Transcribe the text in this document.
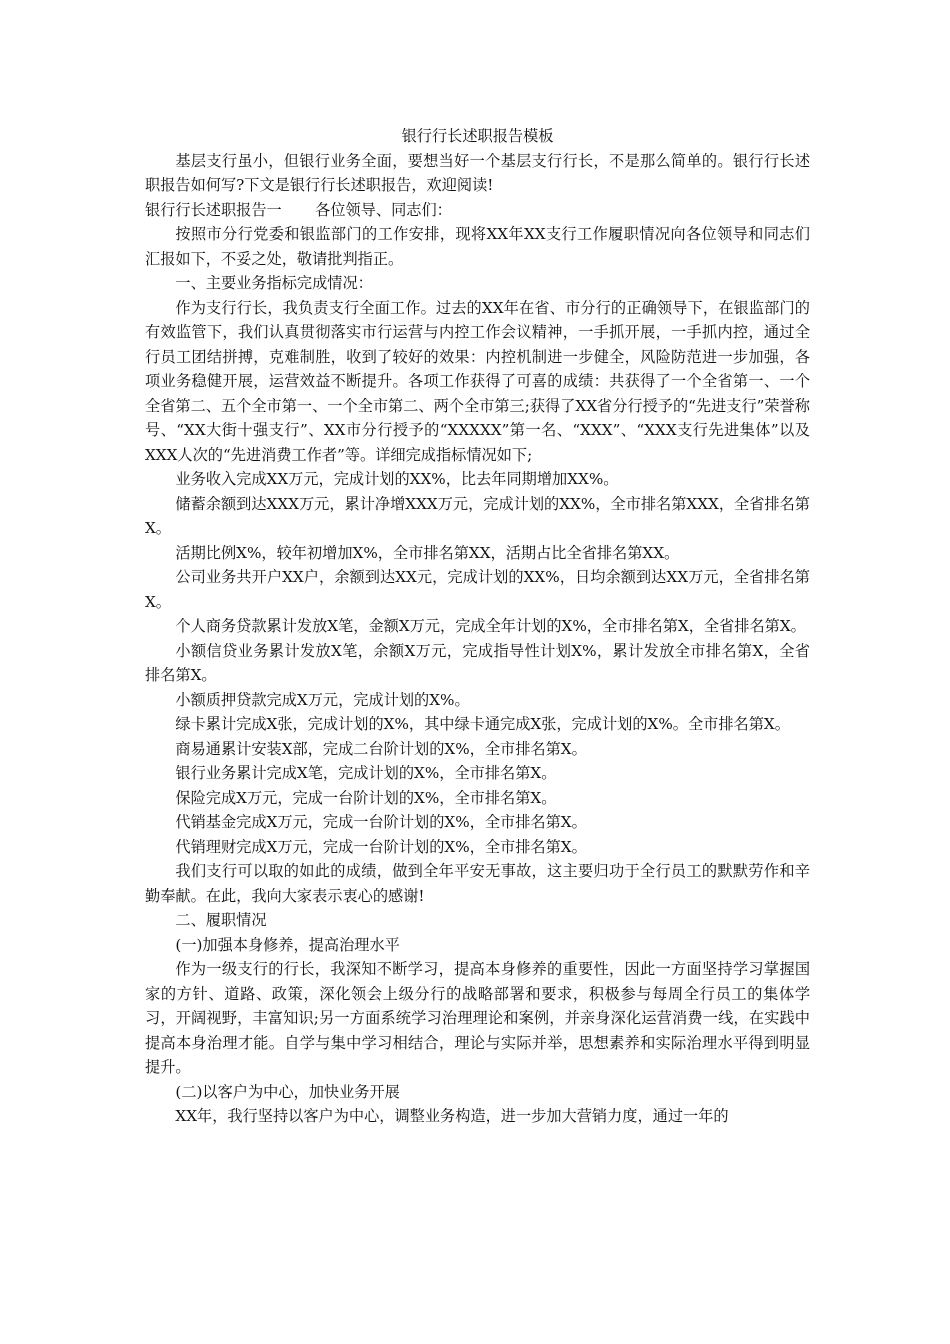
银行行长述职报告模板

基层支行虽小，但银行业务全面，要想当好一个基层支行行长，不是那么简单的。银行行长述职报告如何写?下文是银行行长述职报告，欢迎阅读!

银行行长述职报告一 各位领导、同志们：

按照市分行党委和银监部门的工作安排，现将XX年XX支行工作履职情况向各位领导和同志们汇报如下，不妥之处，敬请批判指正。

一、主要业务指标完成情况：

作为支行行长，我负责支行全面工作。过去的XX年在省、市分行的正确领导下，在银监部门的有效监管下，我们认真贯彻落实市行运营与内控工作会议精神，一手抓开展，一手抓内控，通过全行员工团结拼搏，克难制胜，收到了较好的效果：内控机制进一步健全，风险防范进一步加强，各项业务稳健开展，运营效益不断提升。各项工作获得了可喜的成绩：共获得了一个全省第一、一个全省第二、五个全市第一、一个全市第二、两个全市第三;获得了XX省分行授予的“先进支行”荣誉称号、“XX大街十强支行”、XX市分行授予的“XXXXX”第一名、“XXX”、“XXX支行先进集体”以及XXX人次的“先进消费工作者”等。详细完成指标情况如下;

业务收入完成XX万元，完成计划的XX%，比去年同期增加XX%。

储蓄余额到达XXX万元，累计净增XXX万元，完成计划的XX%，全市排名第XXX，全省排名第X。

活期比例X%，较年初增加X%，全市排名第XX，活期占比全省排名第XX。

公司业务共开户XX户，余额到达XX元，完成计划的XX%，日均余额到达XX万元，全省排名第X。

个人商务贷款累计发放X笔，金额X万元，完成全年计划的X%，全市排名第X，全省排名第X。

小额信贷业务累计发放X笔，余额X万元，完成指导性计划X%，累计发放全市排名第X，全省排名第X。

小额质押贷款完成X万元，完成计划的X%。

绿卡累计完成X张，完成计划的X%，其中绿卡通完成X张，完成计划的X%。全市排名第X。

商易通累计安装X部，完成二台阶计划的X%，全市排名第X。

银行业务累计完成X笔，完成计划的X%，全市排名第X。

保险完成X万元，完成一台阶计划的X%，全市排名第X。

代销基金完成X万元，完成一台阶计划的X%，全市排名第X。

代销理财完成X万元，完成一台阶计划的X%，全市排名第X。

我们支行可以取的如此的成绩，做到全年平安无事故，这主要归功于全行员工的默默劳作和辛勤奉献。在此，我向大家表示衷心的感谢!

二、履职情况

(一)加强本身修养，提高治理水平

作为一级支行的行长，我深知不断学习，提高本身修养的重要性，因此一方面坚持学习掌握国家的方针、道路、政策，深化领会上级分行的战略部署和要求，积极参与每周全行员工的集体学习，开阔视野，丰富知识;另一方面系统学习治理理论和案例，并亲身深化运营消费一线，在实践中提高本身治理才能。自学与集中学习相结合，理论与实际并举，思想素养和实际治理水平得到明显提升。

(二)以客户为中心，加快业务开展

XX年，我行坚持以客户为中心，调整业务构造，进一步加大营销力度，通过一年的
